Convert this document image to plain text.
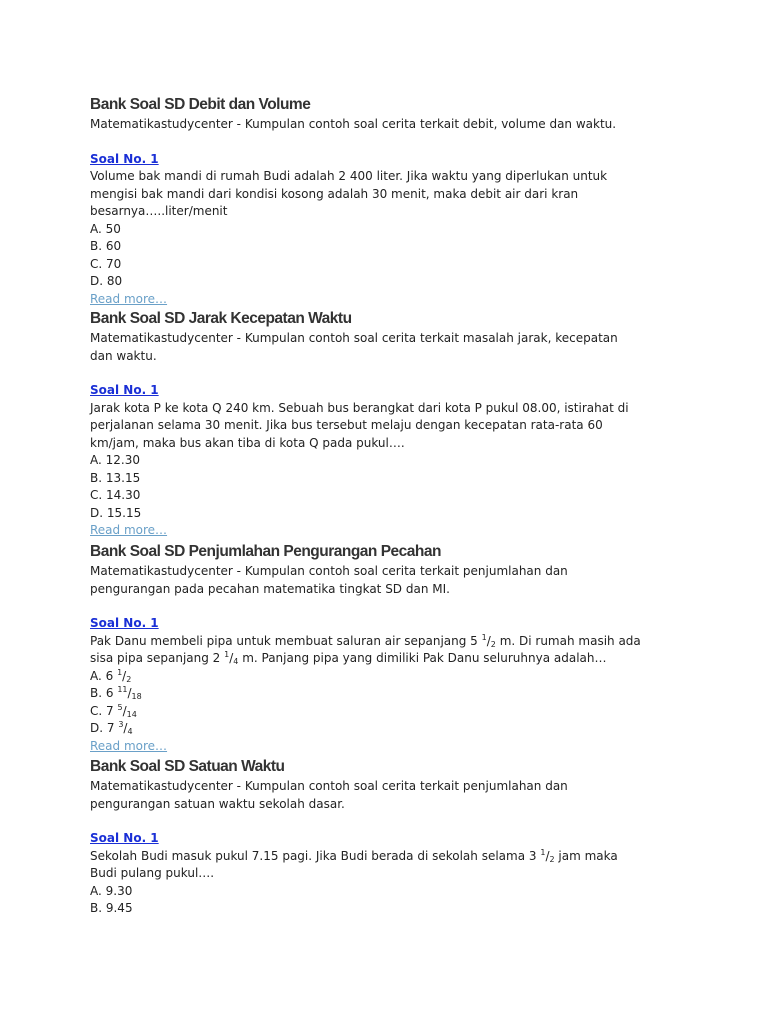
Bank Soal SD Debit dan Volume

Matematikastudycenter - Kumpulan contoh soal cerita terkait debit, volume dan waktu.

Soal No. 1

Volume bak mandi di rumah Budi adalah 2 400 liter. Jika waktu yang diperlukan untuk

mengisi bak mandi dari kondisi kosong adalah 30 menit, maka debit air dari kran

besarnya…..liter/menit

A. 50

B. 60

C. 70

D. 80

Read more…

Bank Soal SD Jarak Kecepatan Waktu

Matematikastudycenter - Kumpulan contoh soal cerita terkait masalah jarak, kecepatan

dan waktu.

Soal No. 1

Jarak kota P ke kota Q 240 km. Sebuah bus berangkat dari kota P pukul 08.00, istirahat di

perjalanan selama 30 menit. Jika bus tersebut melaju dengan kecepatan rata-rata 60

km/jam, maka bus akan tiba di kota Q pada pukul….

A. 12.30

B. 13.15

C. 14.30

D. 15.15

Read more…

Bank Soal SD Penjumlahan Pengurangan Pecahan

Matematikastudycenter - Kumpulan contoh soal cerita terkait penjumlahan dan

pengurangan pada pecahan matematika tingkat SD dan MI.

Soal No. 1

Pak Danu membeli pipa untuk membuat saluran air sepanjang 5 $^1/_2$ m. Di rumah masih ada

sisa pipa sepanjang 2 $^1/_4$ m. Panjang pipa yang dimiliki Pak Danu seluruhnya adalah…

A. 6 $^1/_2$

B. 6 $^{11}/_{18}$

C. 7 $^5/_{14}$

D. 7 $^3/_4$

Read more…

Bank Soal SD Satuan Waktu

Matematikastudycenter - Kumpulan contoh soal cerita terkait penjumlahan dan

pengurangan satuan waktu sekolah dasar.

Soal No. 1

Sekolah Budi masuk pukul 7.15 pagi. Jika Budi berada di sekolah selama 3 $^1/_2$ jam maka

Budi pulang pukul….

A. 9.30

B. 9.45
